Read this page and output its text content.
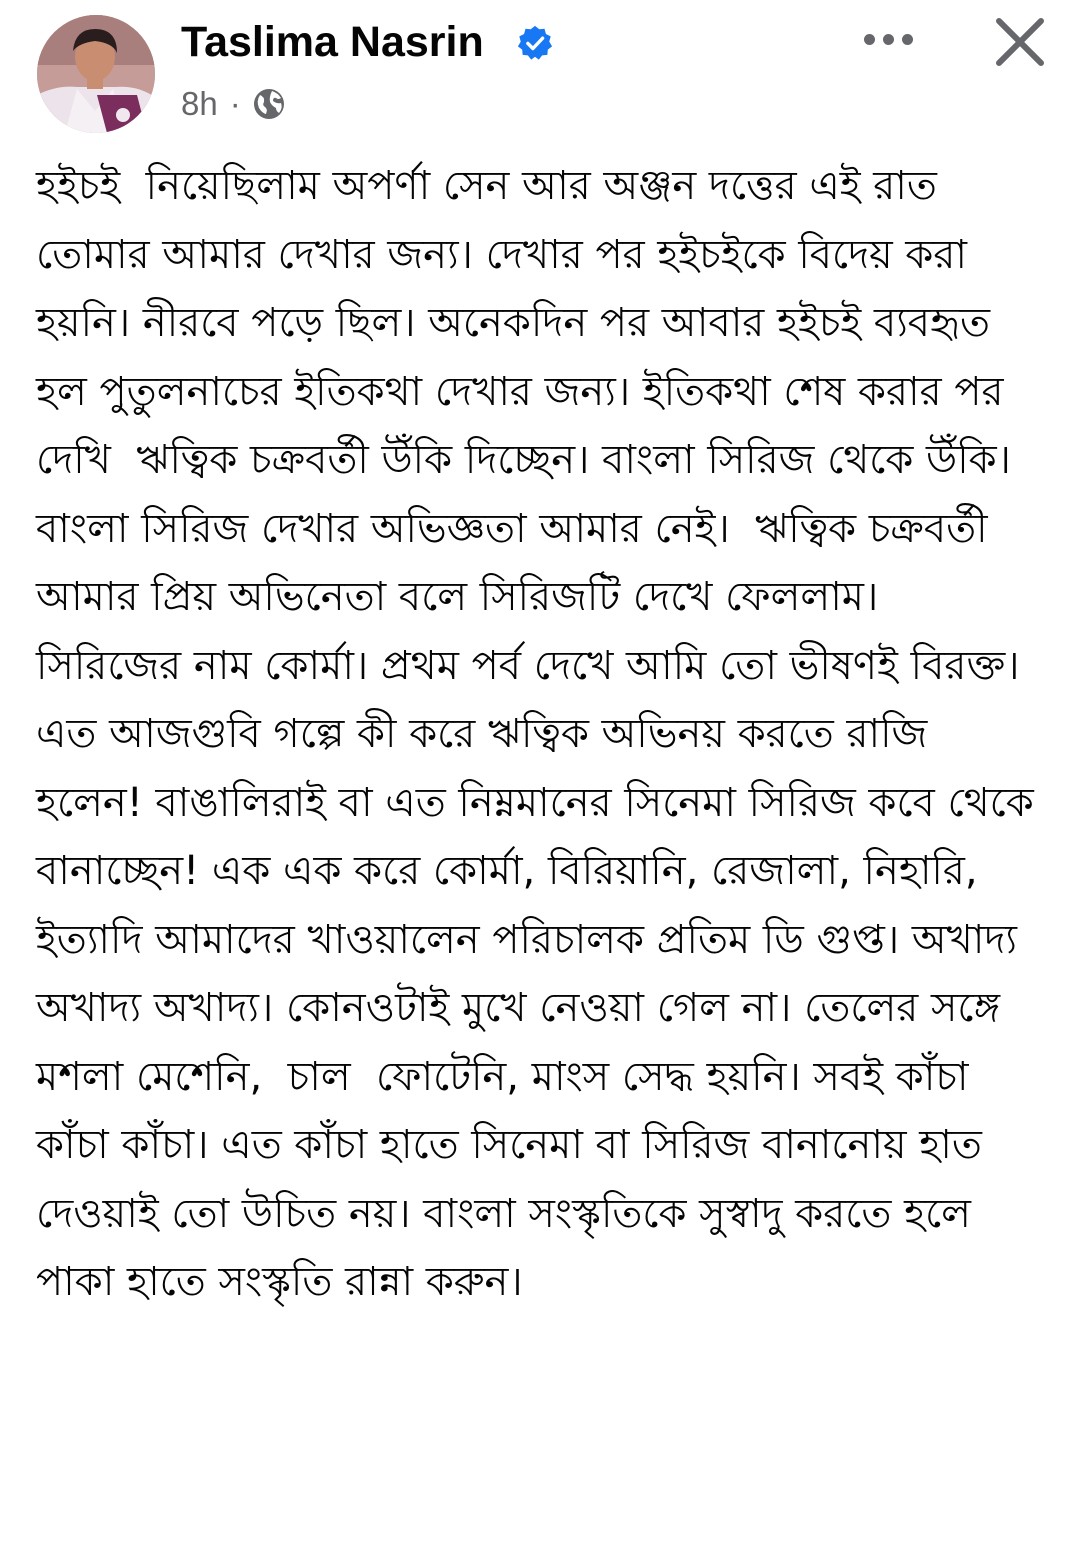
Taslima Nasrin
8h ·
হইচই  নিয়েছিলাম অপর্ণা সেন আর অঞ্জন দত্তের এই রাত তোমার আমার দেখার জন্য। দেখার পর হইচইকে বিদেয় করা হয়নি। নীরবে পড়ে ছিল। অনেকদিন পর আবার হইচই ব্যবহৃত হল পুতুলনাচের ইতিকথা দেখার জন্য। ইতিকথা শেষ করার পর দেখি  ঋত্বিক চক্রবর্তী উঁকি দিচ্ছেন। বাংলা সিরিজ থেকে উঁকি।  বাংলা সিরিজ দেখার অভিজ্ঞতা আমার নেই।  ঋত্বিক চক্রবর্তী আমার প্রিয় অভিনেতা বলে সিরিজটি দেখে ফেললাম।  সিরিজের নাম কোর্মা। প্রথম পর্ব দেখে আমি তো ভীষণই বিরক্ত। এত আজগুবি গল্পে কী করে ঋত্বিক অভিনয় করতে রাজি হলেন! বাঙালিরাই বা এত নিম্নমানের সিনেমা সিরিজ কবে থেকে বানাচ্ছেন! এক এক করে কোর্মা, বিরিয়ানি, রেজালা, নিহারি, ইত্যাদি আমাদের খাওয়ালেন পরিচালক প্রতিম ডি গুপ্ত। অখাদ্য অখাদ্য অখাদ্য। কোনওটাই মুখে নেওয়া গেল না। তেলের সঙ্গে মশলা মেশেনি,  চাল  ফোটেনি, মাংস সেদ্ধ হয়নি। সবই কাঁচা কাঁচা কাঁচা। এত কাঁচা হাতে সিনেমা বা সিরিজ বানানোয় হাত দেওয়াই তো উচিত নয়। বাংলা সংস্কৃতিকে সুস্বাদু করতে হলে পাকা হাতে সংস্কৃতি রান্না করুন।
